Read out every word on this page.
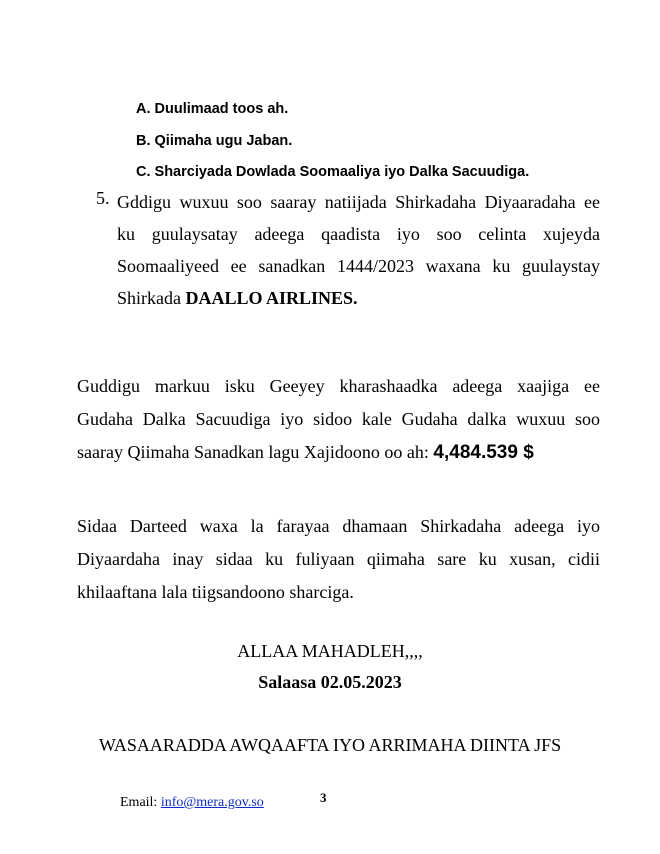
A. Duulimaad toos ah.
B. Qiimaha ugu Jaban.
C. Sharciyada Dowlada Soomaaliya iyo Dalka Sacuudiga.
5. Gddigu wuxuu soo saaray natiijada Shirkadaha Diyaaradaha ee
ku guulaysatay adeega qaadista iyo soo celinta xujeyda
Soomaaliyeed ee sanadkan 1444/2023 waxana ku guulaystay
Shirkada DAALLO AIRLINES.
Guddigu markuu isku Geeyey kharashaadka adeega xaajiga ee
Gudaha Dalka Sacuudiga iyo sidoo kale Gudaha dalka wuxuu soo
saaray Qiimaha Sanadkan lagu Xajidoono oo ah: 4,484.539 $
Sidaa Darteed waxa la farayaa dhamaan Shirkadaha adeega iyo
Diyaardaha inay sidaa ku fuliyaan qiimaha sare ku xusan, cidii
khilaaftana lala tiigsandoono sharciga.
ALLAA MAHADLEH,,,,
Salaasa 02.05.2023
WASAARADDA AWQAAFTA IYO ARRIMAHA DIINTA JFS
Email: info@mera.gov.so	3
